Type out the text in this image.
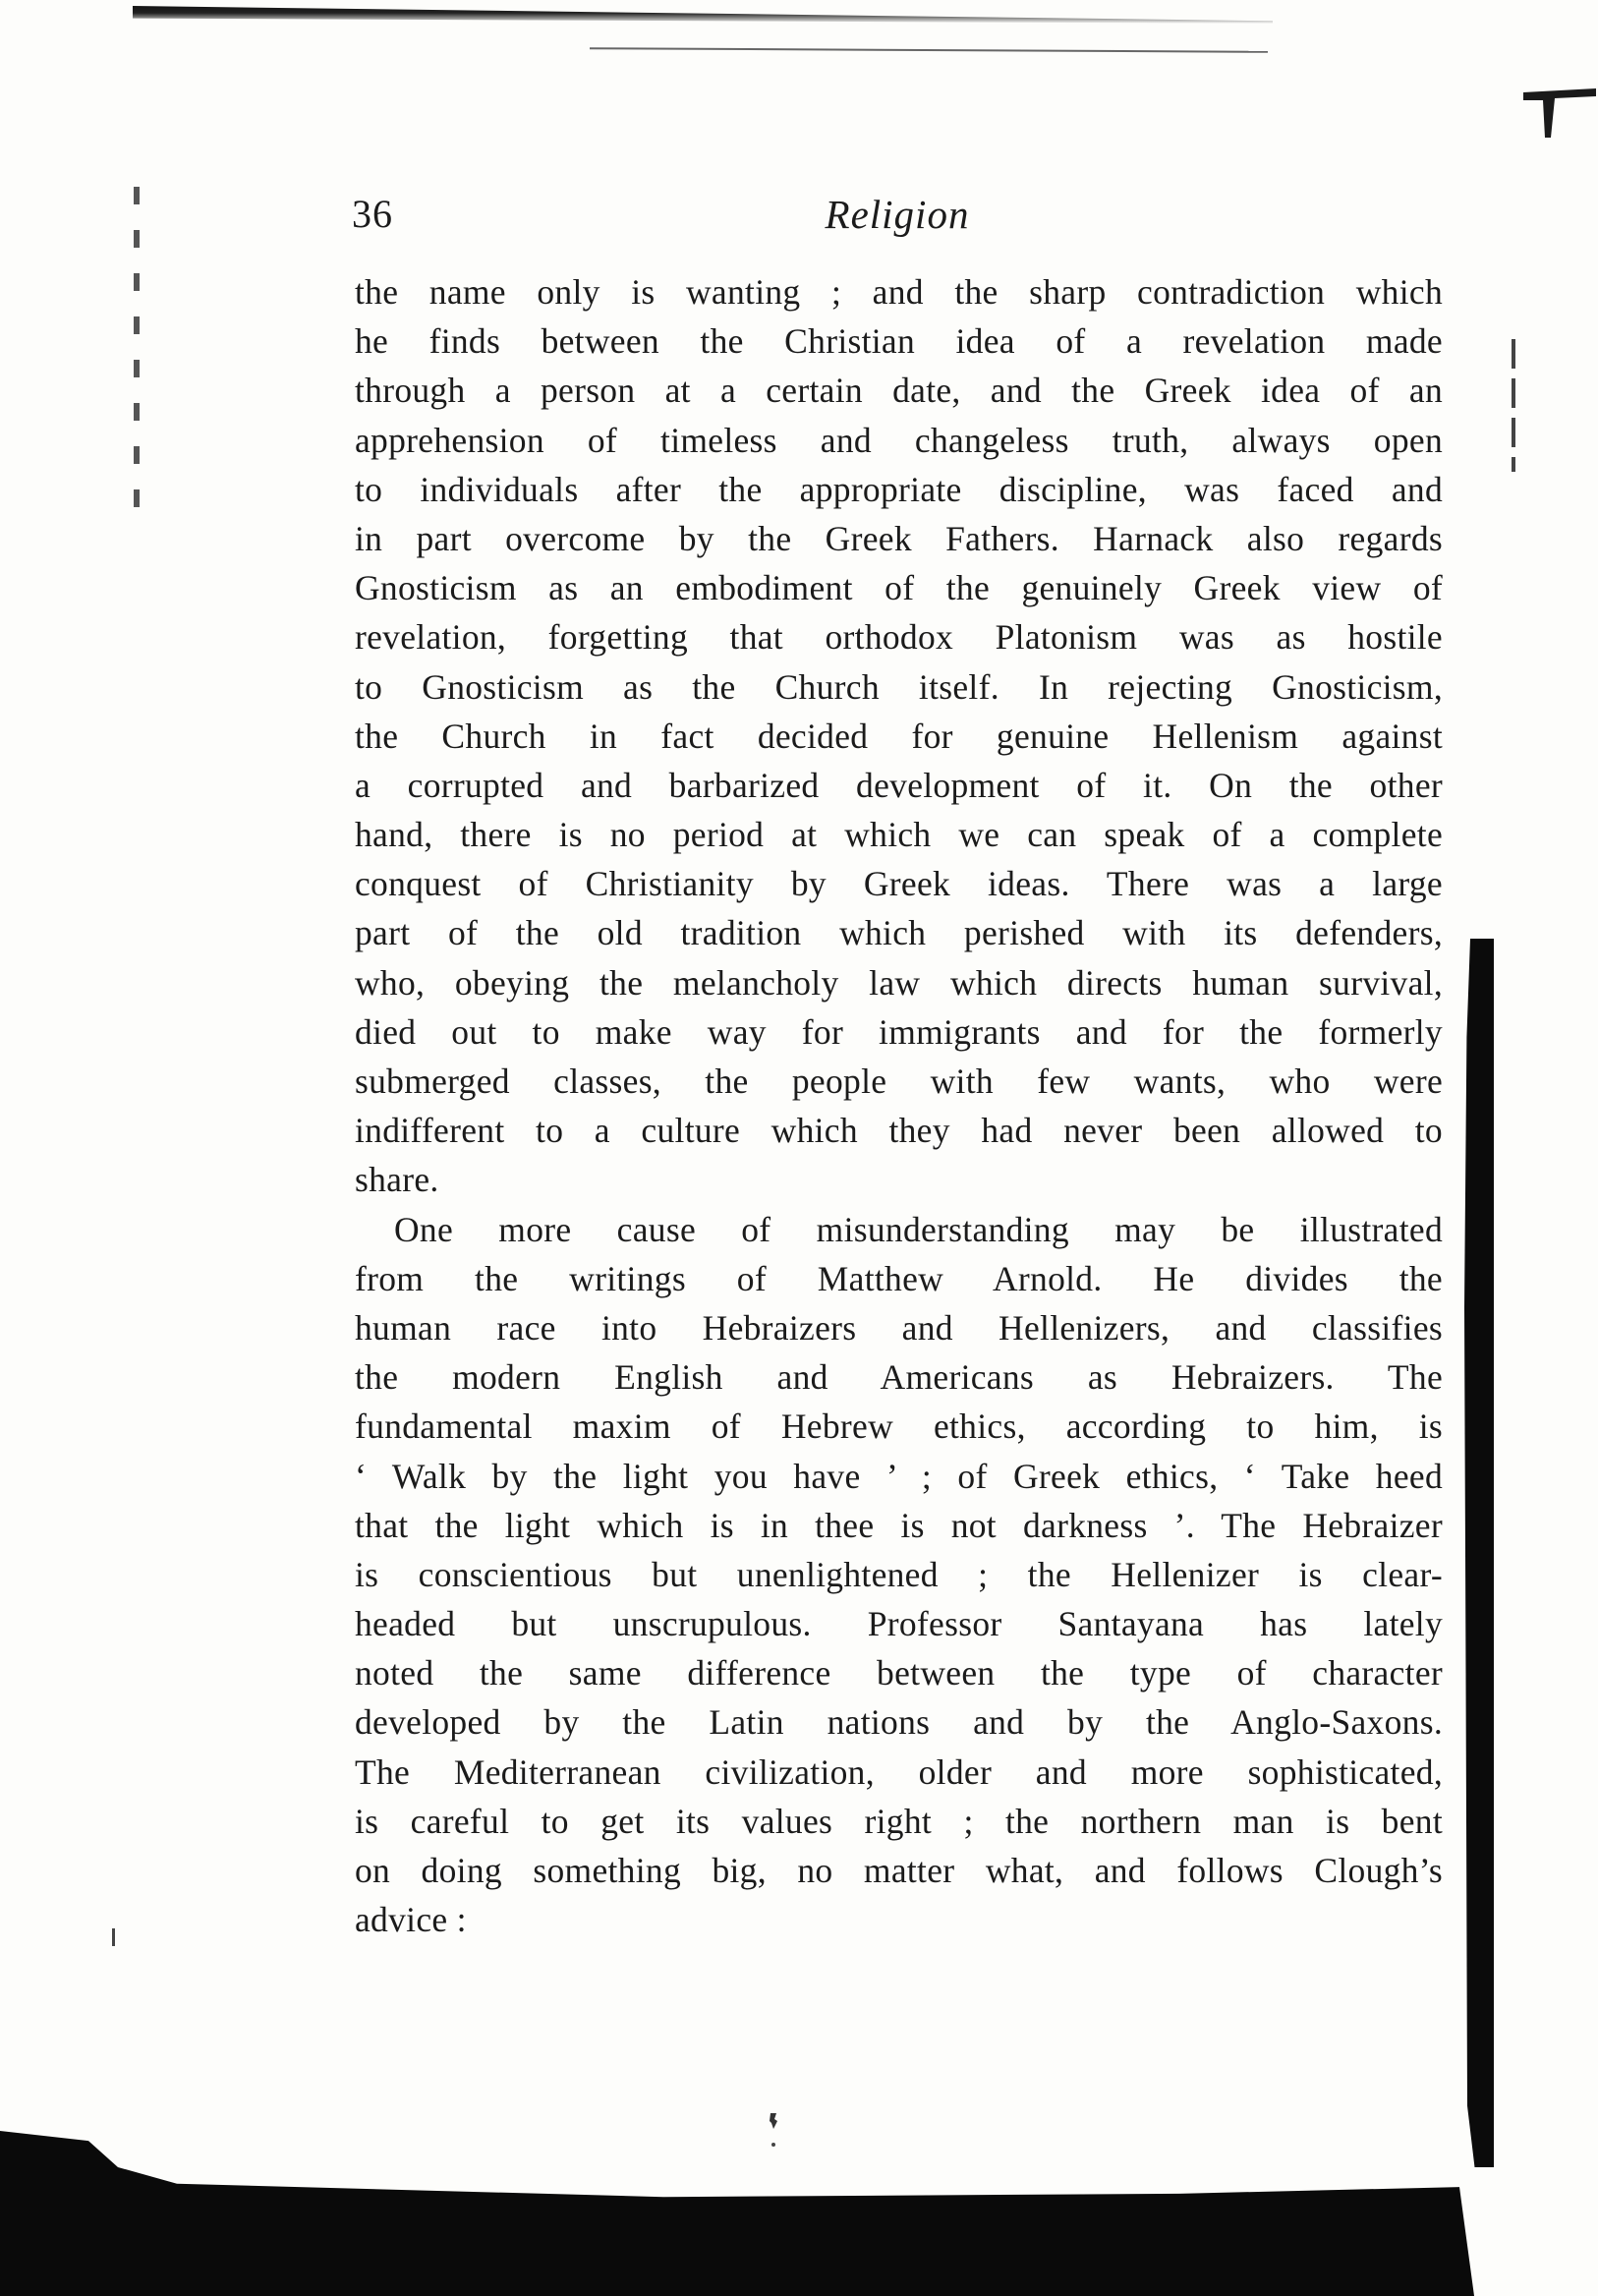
36	Religion
the name only is wanting ; and the sharp contradiction which
he finds between the Christian idea of a revelation made
through a person at a certain date, and the Greek idea of an
apprehension of timeless and changeless truth, always open
to individuals after the appropriate discipline, was faced and
in part overcome by the Greek Fathers. Harnack also regards
Gnosticism as an embodiment of the genuinely Greek view of
revelation, forgetting that orthodox Platonism was as hostile
to Gnosticism as the Church itself. In rejecting Gnosticism,
the Church in fact decided for genuine Hellenism against
a corrupted and barbarized development of it. On the other
hand, there is no period at which we can speak of a complete
conquest of Christianity by Greek ideas. There was a large
part of the old tradition which perished with its defenders,
who, obeying the melancholy law which directs human survival,
died out to make way for immigrants and for the formerly
submerged classes, the people with few wants, who were
indifferent to a culture which they had never been allowed to
share.
One more cause of misunderstanding may be illustrated
from the writings of Matthew Arnold. He divides the
human race into Hebraizers and Hellenizers, and classifies
the modern English and Americans as Hebraizers. The
fundamental maxim of Hebrew ethics, according to him, is
‘ Walk by the light you have ’ ; of Greek ethics, ‘ Take heed
that the light which is in thee is not darkness ’. The Hebraizer
is conscientious but unenlightened ; the Hellenizer is clear-
headed but unscrupulous. Professor Santayana has lately
noted the same difference between the type of character
developed by the Latin nations and by the Anglo-Saxons.
The Mediterranean civilization, older and more sophisticated,
is careful to get its values right ; the northern man is bent
on doing something big, no matter what, and follows Clough’s
advice :
